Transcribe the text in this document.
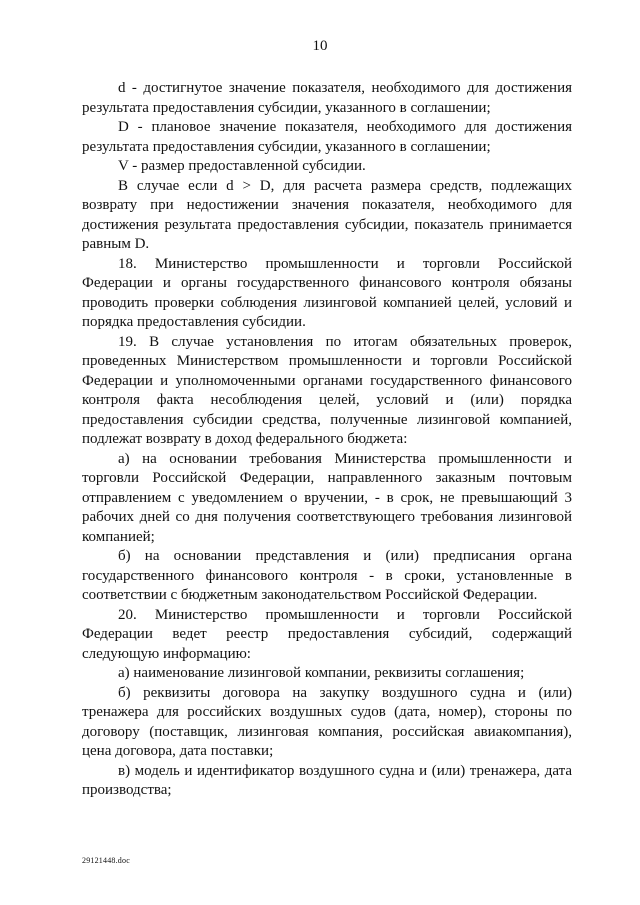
10

d - достигнутое значение показателя, необходимого для достижения результата предоставления субсидии, указанного в соглашении;

D - плановое значение показателя, необходимого для достижения результата предоставления субсидии, указанного в соглашении;

V - размер предоставленной субсидии.

В случае если d > D, для расчета размера средств, подлежащих возврату при недостижении значения показателя, необходимого для достижения результата предоставления субсидии, показатель принимается равным D.

18. Министерство промышленности и торговли Российской Федерации и органы государственного финансового контроля обязаны проводить проверки соблюдения лизинговой компанией целей, условий и порядка предоставления субсидии.

19. В случае установления по итогам обязательных проверок, проведенных Министерством промышленности и торговли Российской Федерации и уполномоченными органами государственного финансового контроля факта несоблюдения целей, условий и (или) порядка предоставления субсидии средства, полученные лизинговой компанией, подлежат возврату в доход федерального бюджета:

а) на основании требования Министерства промышленности и торговли Российской Федерации, направленного заказным почтовым отправлением с уведомлением о вручении, - в срок, не превышающий 3 рабочих дней со дня получения соответствующего требования лизинговой компанией;

б) на основании представления и (или) предписания органа государственного финансового контроля - в сроки, установленные в соответствии с бюджетным законодательством Российской Федерации.

20. Министерство промышленности и торговли Российской Федерации ведет реестр предоставления субсидий, содержащий следующую информацию:

а) наименование лизинговой компании, реквизиты соглашения;

б) реквизиты договора на закупку воздушного судна и (или) тренажера для российских воздушных судов (дата, номер), стороны по договору (поставщик, лизинговая компания, российская авиакомпания), цена договора, дата поставки;

в) модель и идентификатор воздушного судна и (или) тренажера, дата производства;

29121448.doc
